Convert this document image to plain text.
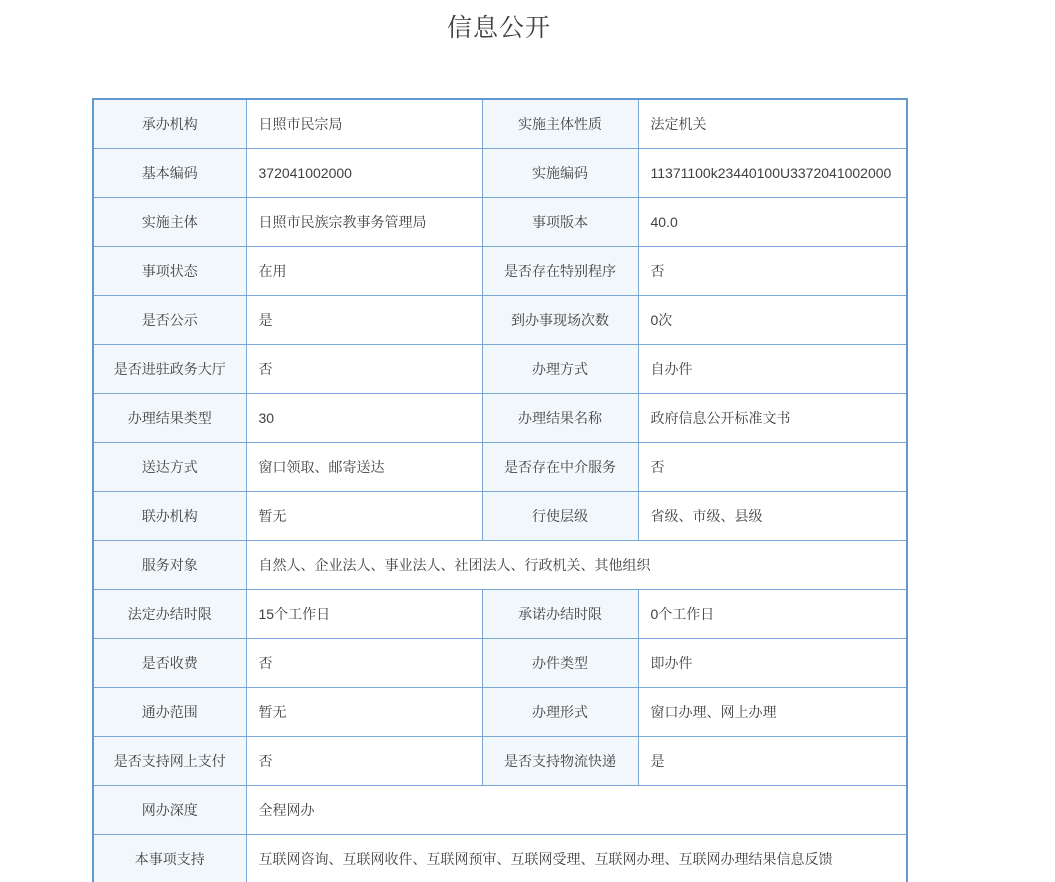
信息公开
承办机构	日照市民宗局	实施主体性质	法定机关
基本编码	372041002000	实施编码	11371100k23440100U3372041002000
实施主体	日照市民族宗教事务管理局	事项版本	40.0
事项状态	在用	是否存在特别程序	否
是否公示	是	到办事现场次数	0次
是否进驻政务大厅	否	办理方式	自办件
办理结果类型	30	办理结果名称	政府信息公开标准文书
送达方式	窗口领取、邮寄送达	是否存在中介服务	否
联办机构	暂无	行使层级	省级、市级、县级
服务对象	自然人、企业法人、事业法人、社团法人、行政机关、其他组织		
法定办结时限	15个工作日	承诺办结时限	0个工作日
是否收费	否	办件类型	即办件
通办范围	暂无	办理形式	窗口办理、网上办理
是否支持网上支付	否	是否支持物流快递	是
网办深度	全程网办		
本事项支持	互联网咨询、互联网收件、互联网预审、互联网受理、互联网办理、互联网办理结果信息反馈		
